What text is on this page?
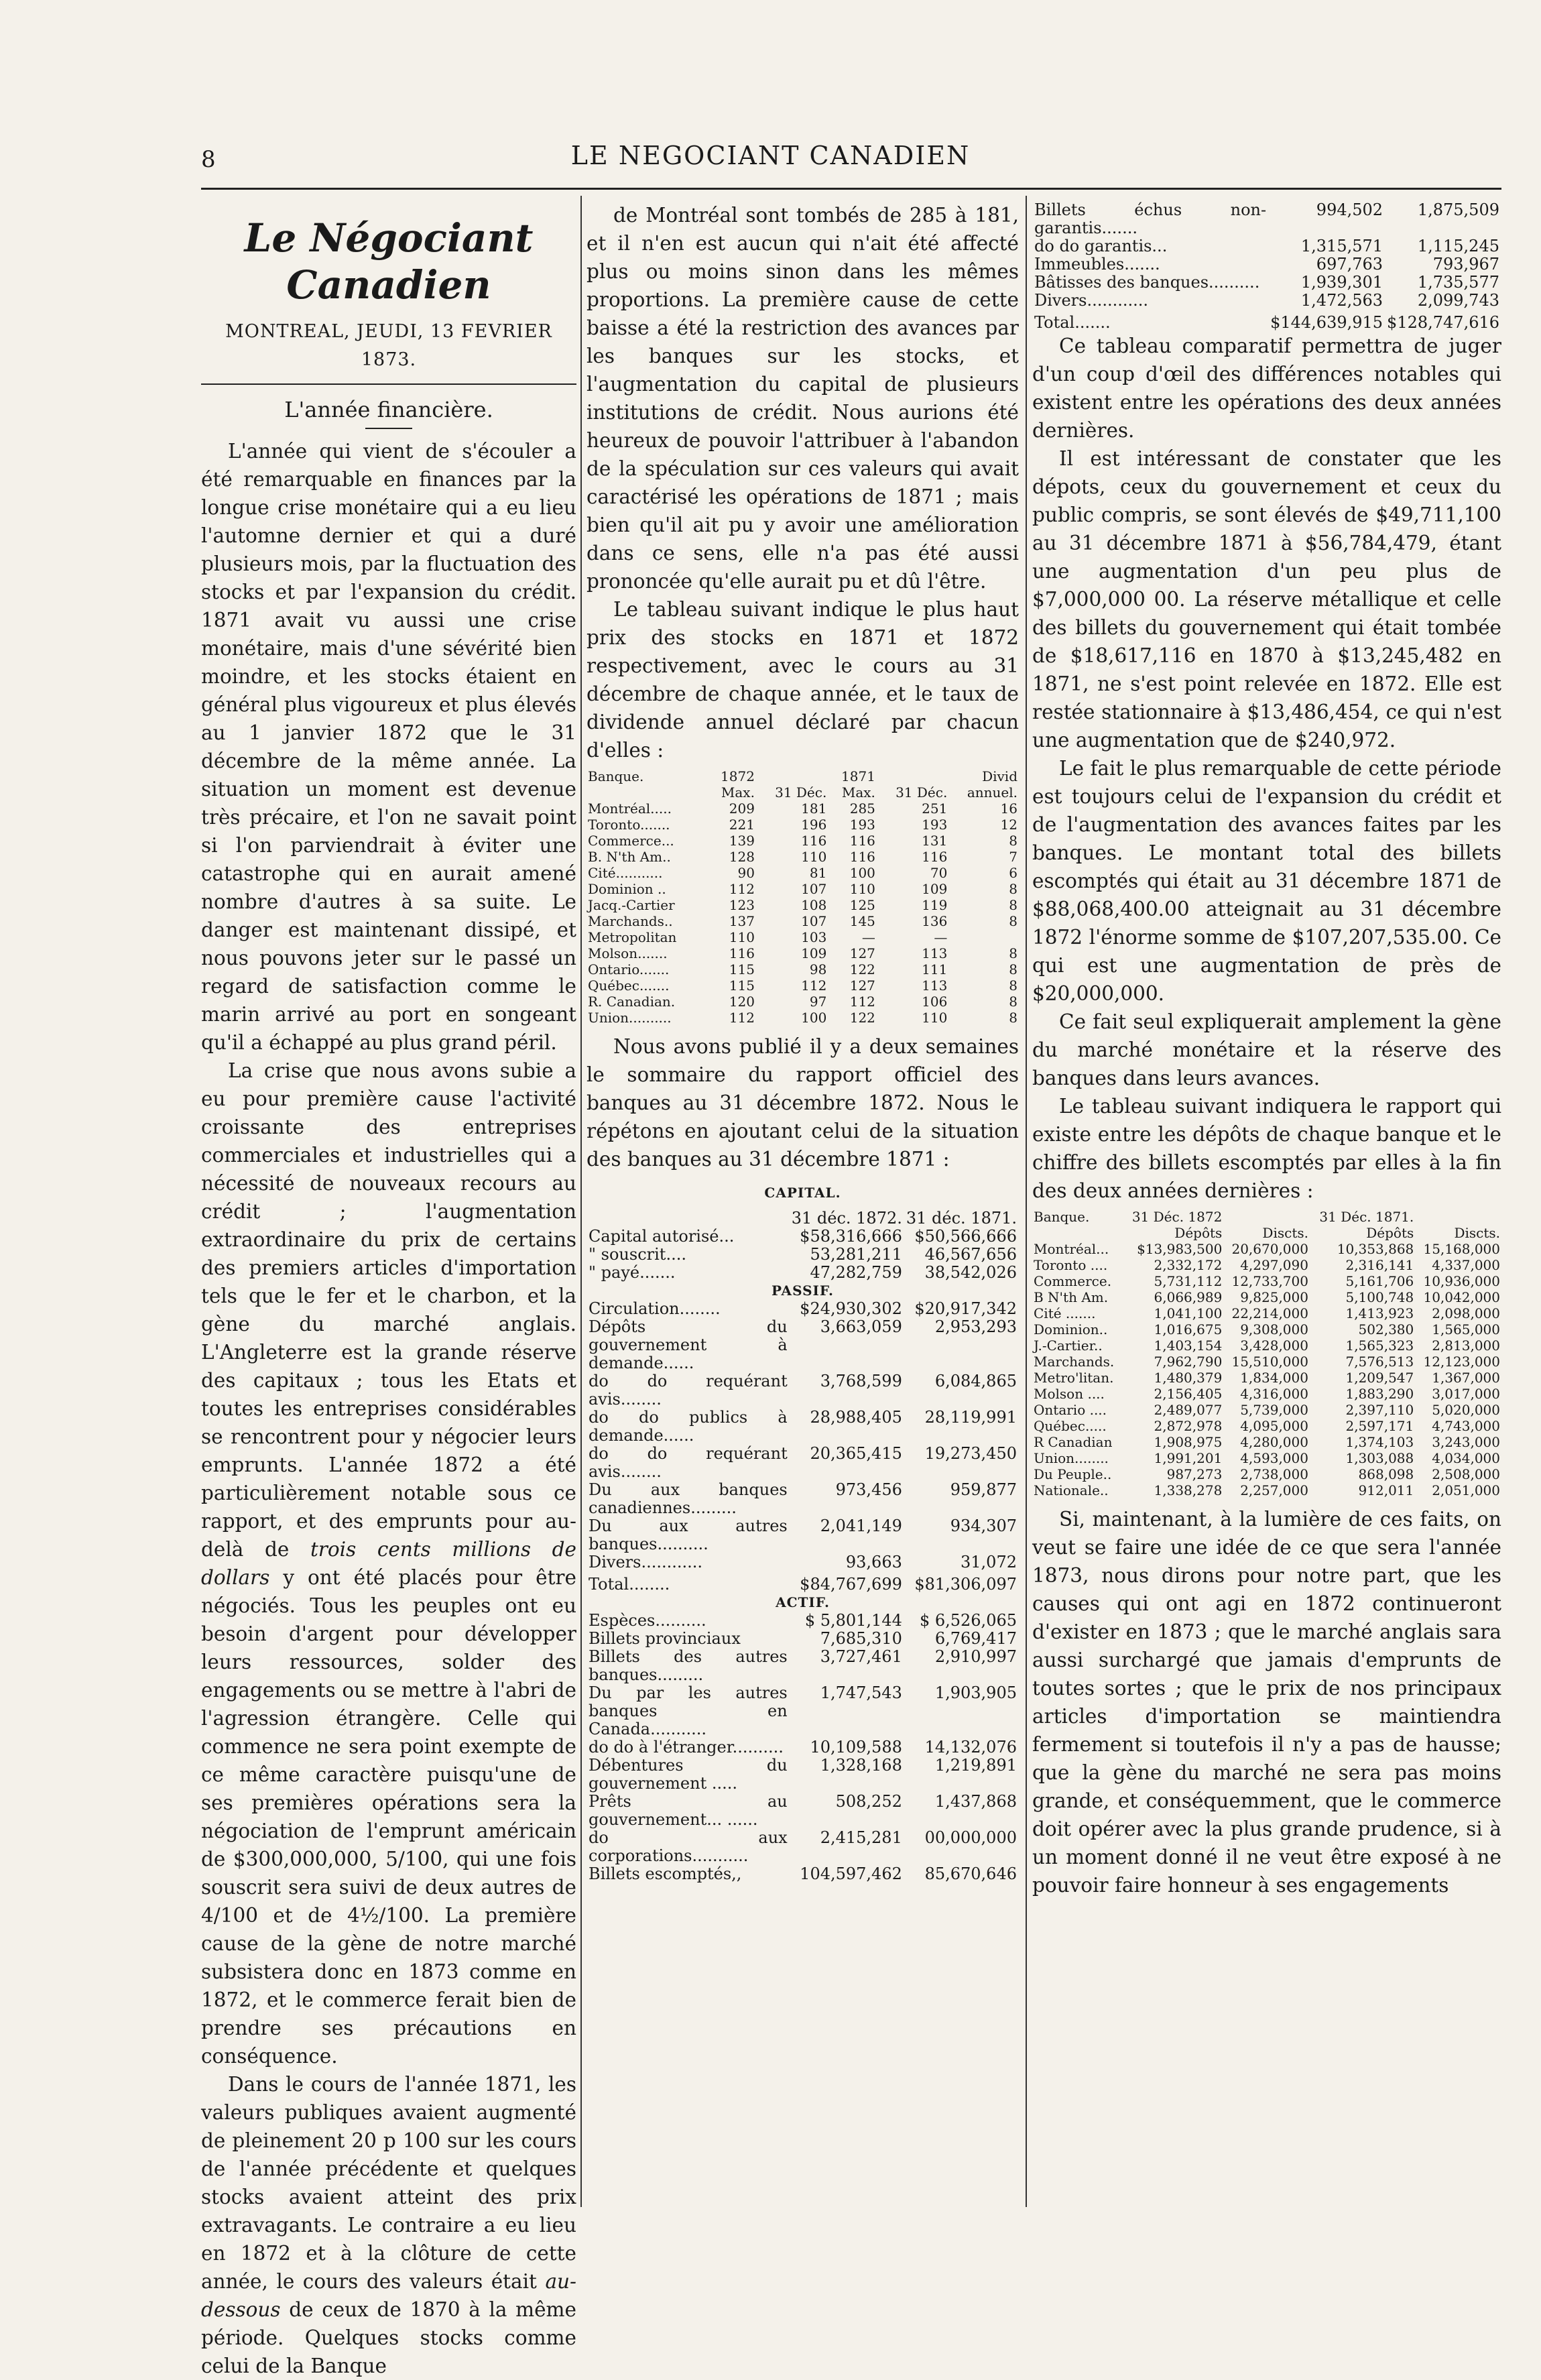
8	LE NEGOCIANT CANADIEN
Le Négociant Canadien
MONTREAL, JEUDI, 13 FEVRIER 1873.
L'année financière.

L'année qui vient de s'écouler a été remarquable en finances par la longue crise monétaire qui a eu lieu l'automne dernier et qui a duré plusieurs mois, par la fluctuation des stocks et par l'expansion du crédit. 1871 avait vu aussi une crise monétaire, mais d'une sévérité bien moindre, et les stocks étaient en général plus vigoureux et plus élevés au 1 janvier 1872 que le 31 décembre de la même année. La situation un moment est devenue très précaire, et l'on ne savait point si l'on parviendrait à éviter une catastrophe qui en aurait amené nombre d'autres à sa suite. Le danger est maintenant dissipé, et nous pouvons jeter sur le passé un regard de satisfaction comme le marin arrivé au port en songeant qu'il a échappé au plus grand péril.

La crise que nous avons subie a eu pour première cause l'activité croissante des entreprises commerciales et industrielles qui a nécessité de nouveaux recours au crédit ; l'augmentation extraordinaire du prix de certains des premiers articles d'importation tels que le fer et le charbon, et la gène du marché anglais. L'Angleterre est la grande réserve des capitaux ; tous les Etats et toutes les entreprises considérables se rencontrent pour y négocier leurs emprunts. L'année 1872 a été particulièrement notable sous ce rapport, et des emprunts pour au-delà de trois cents millions de dollars y ont été placés pour être négociés. Tous les peuples ont eu besoin d'argent pour développer leurs ressources, solder des engagements ou se mettre à l'abri de l'agression étrangère. Celle qui commence ne sera point exempte de ce même caractère puisqu'une de ses premières opérations sera la négociation de l'emprunt américain de $300,000,000, 5/100, qui une fois souscrit sera suivi de deux autres de 4/100 et de 4½/100. La première cause de la gène de notre marché subsistera donc en 1873 comme en 1872, et le commerce ferait bien de prendre ses précautions en conséquence.

Dans le cours de l'année 1871, les valeurs publiques avaient augmenté de pleinement 20 p 100 sur les cours de l'année précédente et quelques stocks avaient atteint des prix extravagants. Le contraire a eu lieu en 1872 et à la clôture de cette année, le cours des valeurs était au-dessous de ceux de 1870 à la même période. Quelques stocks comme celui de la Banque

de Montréal sont tombés de 285 à 181, et il n'en est aucun qui n'ait été affecté plus ou moins sinon dans les mêmes proportions. La première cause de cette baisse a été la restriction des avances par les banques sur les stocks, et l'augmentation du capital de plusieurs institutions de crédit. Nous aurions été heureux de pouvoir l'attribuer à l'abandon de la spéculation sur ces valeurs qui avait caractérisé les opérations de 1871 ; mais bien qu'il ait pu y avoir une amélioration dans ce sens, elle n'a pas été aussi prononcée qu'elle aurait pu et dû l'être.

Le tableau suivant indique le plus haut prix des stocks en 1871 et 1872 respectivement, avec le cours au 31 décembre de chaque année, et le taux de dividende annuel déclaré par chacun d'elles :

Banque.	1872		1871		Divid
	Max.	31 Déc.	Max.	31 Déc.	annuel.
Montréal.....	209	181	285	251	16
Toronto.......	221	196	193	193	12
Commerce...	139	116	116	131	8
B. N'th Am..	128	110	116	116	7
Cité...........	90	81	100	70	6
Dominion ..	112	107	110	109	8
Jacq.-Cartier	123	108	125	119	8
Marchands..	137	107	145	136	8
Metropolitan	110	103	—	—	
Molson.......	116	109	127	113	8
Ontario.......	115	98	122	111	8
Québec.......	115	112	127	113	8
R. Canadian.	120	97	112	106	8
Union..........	112	100	122	110	8

Nous avons publié il y a deux semaines le sommaire du rapport officiel des banques au 31 décembre 1872. Nous le répétons en ajoutant celui de la situation des banques au 31 décembre 1871 :

CAPITAL.
	31 déc. 1872.	31 déc. 1871.
Capital autorisé...	$58,316,666	$50,566,666
" souscrit....	53,281,211	46,567,656
" payé.......	47,282,759	38,542,026
PASSIF.		
Circulation........	$24,930,302	$20,917,342
Dépôts du gouvernement à demande......	3,663,059	2,953,293
do do requérant avis........	3,768,599	6,084,865
do do publics à demande......	28,988,405	28,119,991
do do requérant avis........	20,365,415	19,273,450
Du aux banques canadiennes.........	973,456	959,877
Du aux autres banques..........	2,041,149	934,307
Divers............	93,663	31,072
Total........	$84,767,699	$81,306,097
ACTIF.		
Espèces..........	$ 5,801,144	$ 6,526,065
Billets provinciaux	7,685,310	6,769,417
Billets des autres banques.........	3,727,461	2,910,997
Du par les autres banques en Canada...........	1,747,543	1,903,905
do do à l'étranger..........	10,109,588	14,132,076
Débentures du gouvernement .....	1,328,168	1,219,891
Prêts au gouvernement... ......	508,252	1,437,868
do aux corporations...........	2,415,281	00,000,000
Billets escomptés,,	104,597,462	85,670,646
Billets échus non-garantis.......	994,502	1,875,509
do do garantis...	1,315,571	1,115,245
Immeubles.......	697,763	793,967
Bâtisses des banques..........	1,939,301	1,735,577
Divers............	1,472,563	2,099,743
Total.......	$144,639,915	$128,747,616

Ce tableau comparatif permettra de juger d'un coup d'œil des différences notables qui existent entre les opérations des deux années dernières.

Il est intéressant de constater que les dépots, ceux du gouvernement et ceux du public compris, se sont élevés de $49,711,100 au 31 décembre 1871 à $56,784,479, étant une augmentation d'un peu plus de $7,000,000 00. La réserve métallique et celle des billets du gouvernement qui était tombée de $18,617,116 en 1870 à $13,245,482 en 1871, ne s'est point relevée en 1872. Elle est restée stationnaire à $13,486,454, ce qui n'est une augmentation que de $240,972.

Le fait le plus remarquable de cette période est toujours celui de l'expansion du crédit et de l'augmentation des avances faites par les banques. Le montant total des billets escomptés qui était au 31 décembre 1871 de $88,068,400.00 atteignait au 31 décembre 1872 l'énorme somme de $107,207,535.00. Ce qui est une augmentation de près de $20,000,000.

Ce fait seul expliquerait amplement la gène du marché monétaire et la réserve des banques dans leurs avances.

Le tableau suivant indiquera le rapport qui existe entre les dépôts de chaque banque et le chiffre des billets escomptés par elles à la fin des deux années dernières :

Banque.	31 Déc. 1872		31 Déc. 1871.	
	Dépôts	Discts.	Dépôts	Discts.
Montréal...	$13,983,500	20,670,000	10,353,868	15,168,000
Toronto ....	2,332,172	4,297,090	2,316,141	4,337,000
Commerce.	5,731,112	12,733,700	5,161,706	10,936,000
B N'th Am.	6,066,989	9,825,000	5,100,748	10,042,000
Cité .......	1,041,100	22,214,000	1,413,923	2,098,000
Dominion..	1,016,675	9,308,000	502,380	1,565,000
J.-Cartier..	1,403,154	3,428,000	1,565,323	2,813,000
Marchands.	7,962,790	15,510,000	7,576,513	12,123,000
Metro'litan.	1,480,379	1,834,000	1,209,547	1,367,000
Molson ....	2,156,405	4,316,000	1,883,290	3,017,000
Ontario ....	2,489,077	5,739,000	2,397,110	5,020,000
Québec.....	2,872,978	4,095,000	2,597,171	4,743,000
R Canadian	1,908,975	4,280,000	1,374,103	3,243,000
Union........	1,991,201	4,593,000	1,303,088	4,034,000
Du Peuple..	987,273	2,738,000	868,098	2,508,000
Nationale..	1,338,278	2,257,000	912,011	2,051,000

Si, maintenant, à la lumière de ces faits, on veut se faire une idée de ce que sera l'année 1873, nous dirons pour notre part, que les causes qui ont agi en 1872 continueront d'exister en 1873 ; que le marché anglais sara aussi surchargé que jamais d'emprunts de toutes sortes ; que le prix de nos principaux articles d'importation se maintiendra fermement si toutefois il n'y a pas de hausse; que la gène du marché ne sera pas moins grande, et conséquemment, que le commerce doit opérer avec la plus grande prudence, si à un moment donné il ne veut être exposé à ne pouvoir faire honneur à ses engagements
